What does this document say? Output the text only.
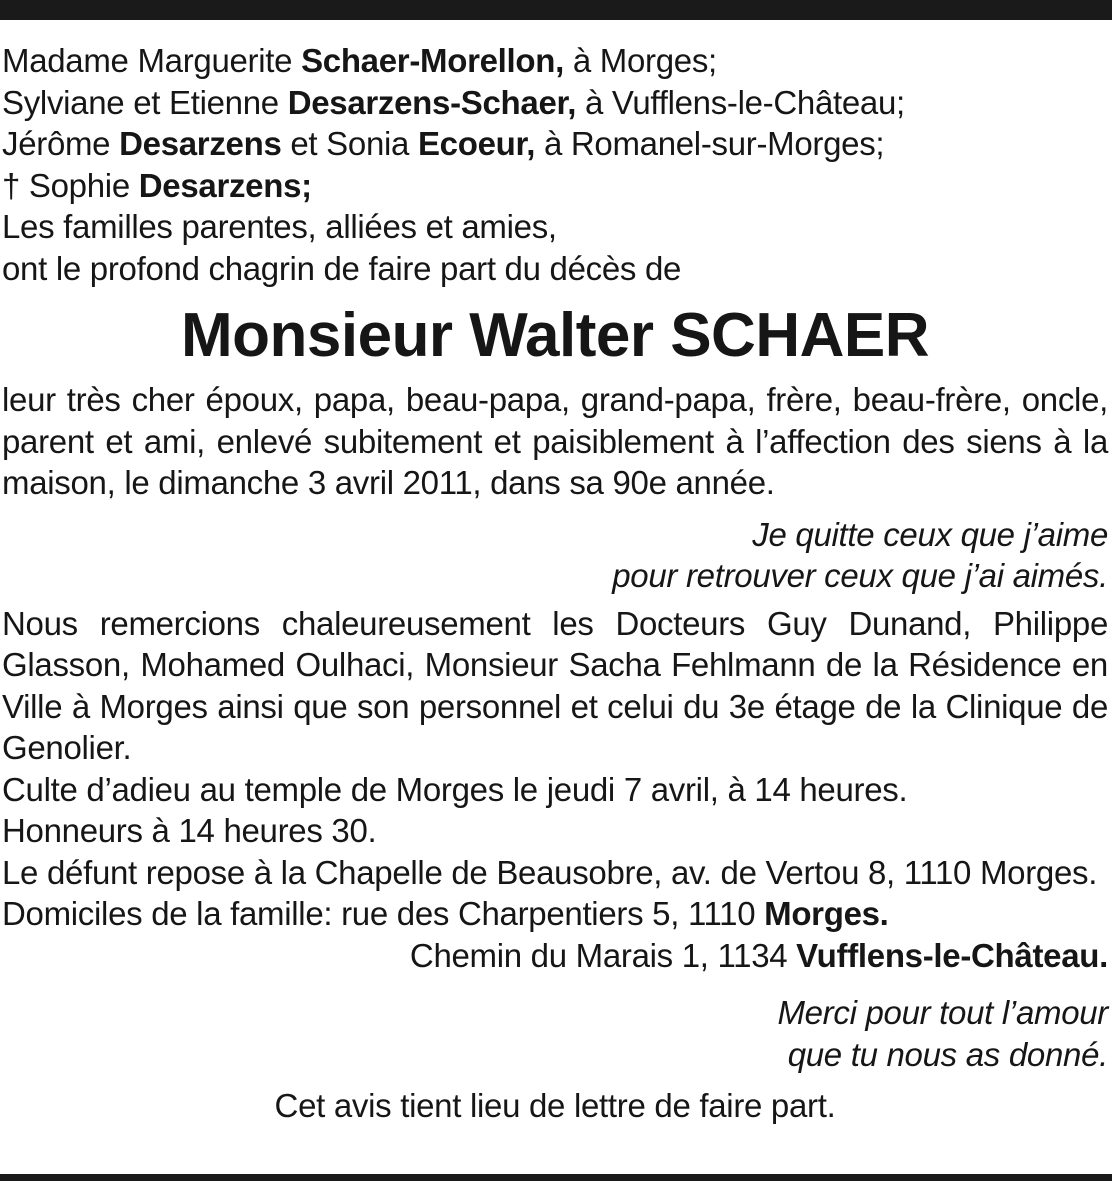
Madame Marguerite Schaer-Morellon, à Morges;
Sylviane et Etienne Desarzens-Schaer, à Vufflens-le-Château;
Jérôme Desarzens et Sonia Ecoeur, à Romanel-sur-Morges;
† Sophie Desarzens;
Les familles parentes, alliées et amies,
ont le profond chagrin de faire part du décès de
Monsieur Walter SCHAER
leur très cher époux, papa, beau-papa, grand-papa, frère, beau-frère, oncle, parent et ami, enlevé subitement et paisiblement à l’affection des siens à la maison, le dimanche 3 avril 2011, dans sa 90e année.
Je quitte ceux que j’aime
pour retrouver ceux que j’ai aimés.
Nous remercions chaleureusement les Docteurs Guy Dunand, Philippe Glasson, Mohamed Oulhaci, Monsieur Sacha Fehlmann de la Résidence en Ville à Morges ainsi que son personnel et celui du 3e étage de la Clinique de Genolier.
Culte d’adieu au temple de Morges le jeudi 7 avril, à 14 heures.
Honneurs à 14 heures 30.
Le défunt repose à la Chapelle de Beausobre, av. de Vertou 8, 1110 Morges.
Domiciles de la famille: rue des Charpentiers 5, 1110 Morges.
Chemin du Marais 1, 1134 Vufflens-le-Château.
Merci pour tout l’amour
que tu nous as donné.
Cet avis tient lieu de lettre de faire part.
